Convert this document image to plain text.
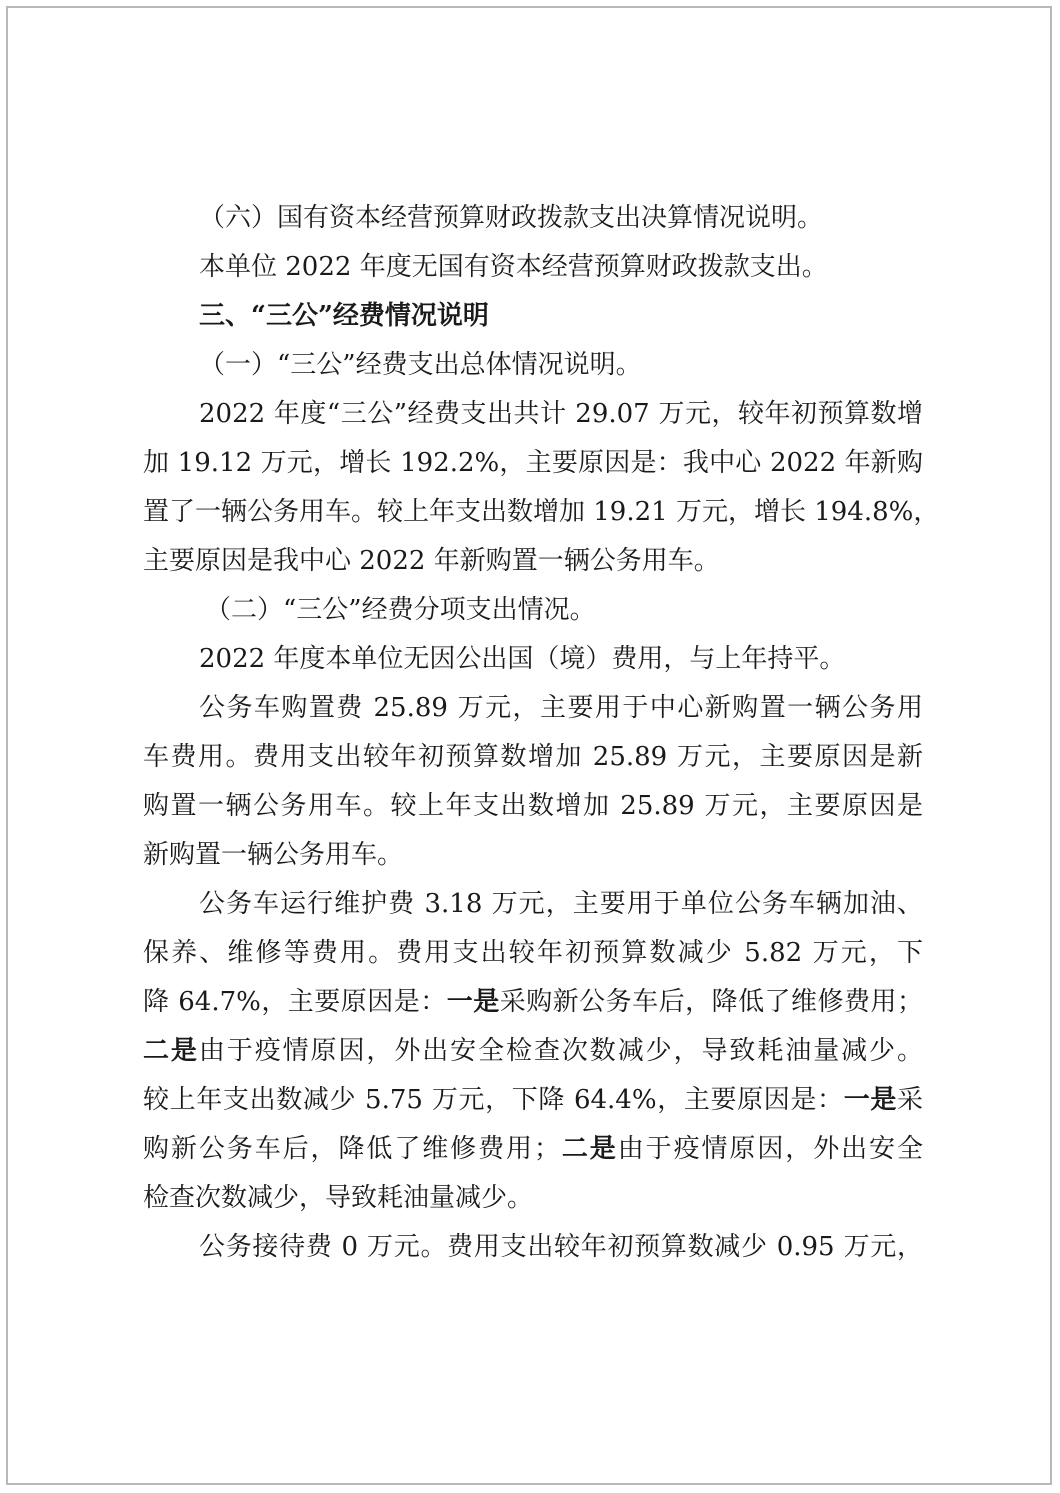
（六）国有资本经营预算财政拨款支出决算情况说明。
本单位 2022 年度无国有资本经营预算财政拨款支出。
三、“三公”经费情况说明
（一）“三公”经费支出总体情况说明。
2022 年度“三公”经费支出共计 29.07 万元，较年初预算数增
加 19.12 万元，增长 192.2%，主要原因是：我中心 2022 年新购
置了一辆公务用车。较上年支出数增加 19.21 万元，增长 194.8%，
主要原因是我中心 2022 年新购置一辆公务用车。
（二）“三公”经费分项支出情况。
2022 年度本单位无因公出国（境）费用，与上年持平。
公务车购置费 25.89 万元，主要用于中心新购置一辆公务用
车费用。费用支出较年初预算数增加 25.89 万元，主要原因是新
购置一辆公务用车。较上年支出数增加 25.89 万元，主要原因是
新购置一辆公务用车。
公务车运行维护费 3.18 万元，主要用于单位公务车辆加油、
保养、维修等费用。费用支出较年初预算数减少 5.82 万元，下
降 64.7%，主要原因是：一是采购新公务车后，降低了维修费用；
二是由于疫情原因，外出安全检查次数减少，导致耗油量减少。
较上年支出数减少 5.75 万元，下降 64.4%，主要原因是：一是采
购新公务车后，降低了维修费用；二是由于疫情原因，外出安全
检查次数减少，导致耗油量减少。
公务接待费 0 万元。费用支出较年初预算数减少 0.95 万元，
